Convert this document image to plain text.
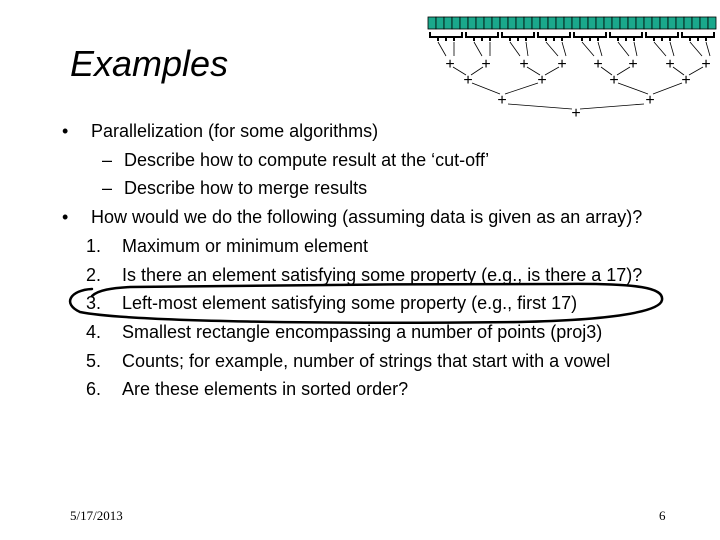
Examples	+ + + + + + + +
+	+	+	+
+	+
+
• Parallelization (for some algorithms)
– Describe how to compute result at the ‘cut-off’
– Describe how to merge results
• How would we do the following (assuming data is given as an array)?
1. Maximum or minimum element
2. Is there an element satisfying some property (e.g., is there a 17)?
3. Left-most element satisfying some property (e.g., first 17)
4. Smallest rectangle encompassing a number of points (proj3)
5. Counts; for example, number of strings that start with a vowel
6. Are these elements in sorted order?
5/17/2013	6
